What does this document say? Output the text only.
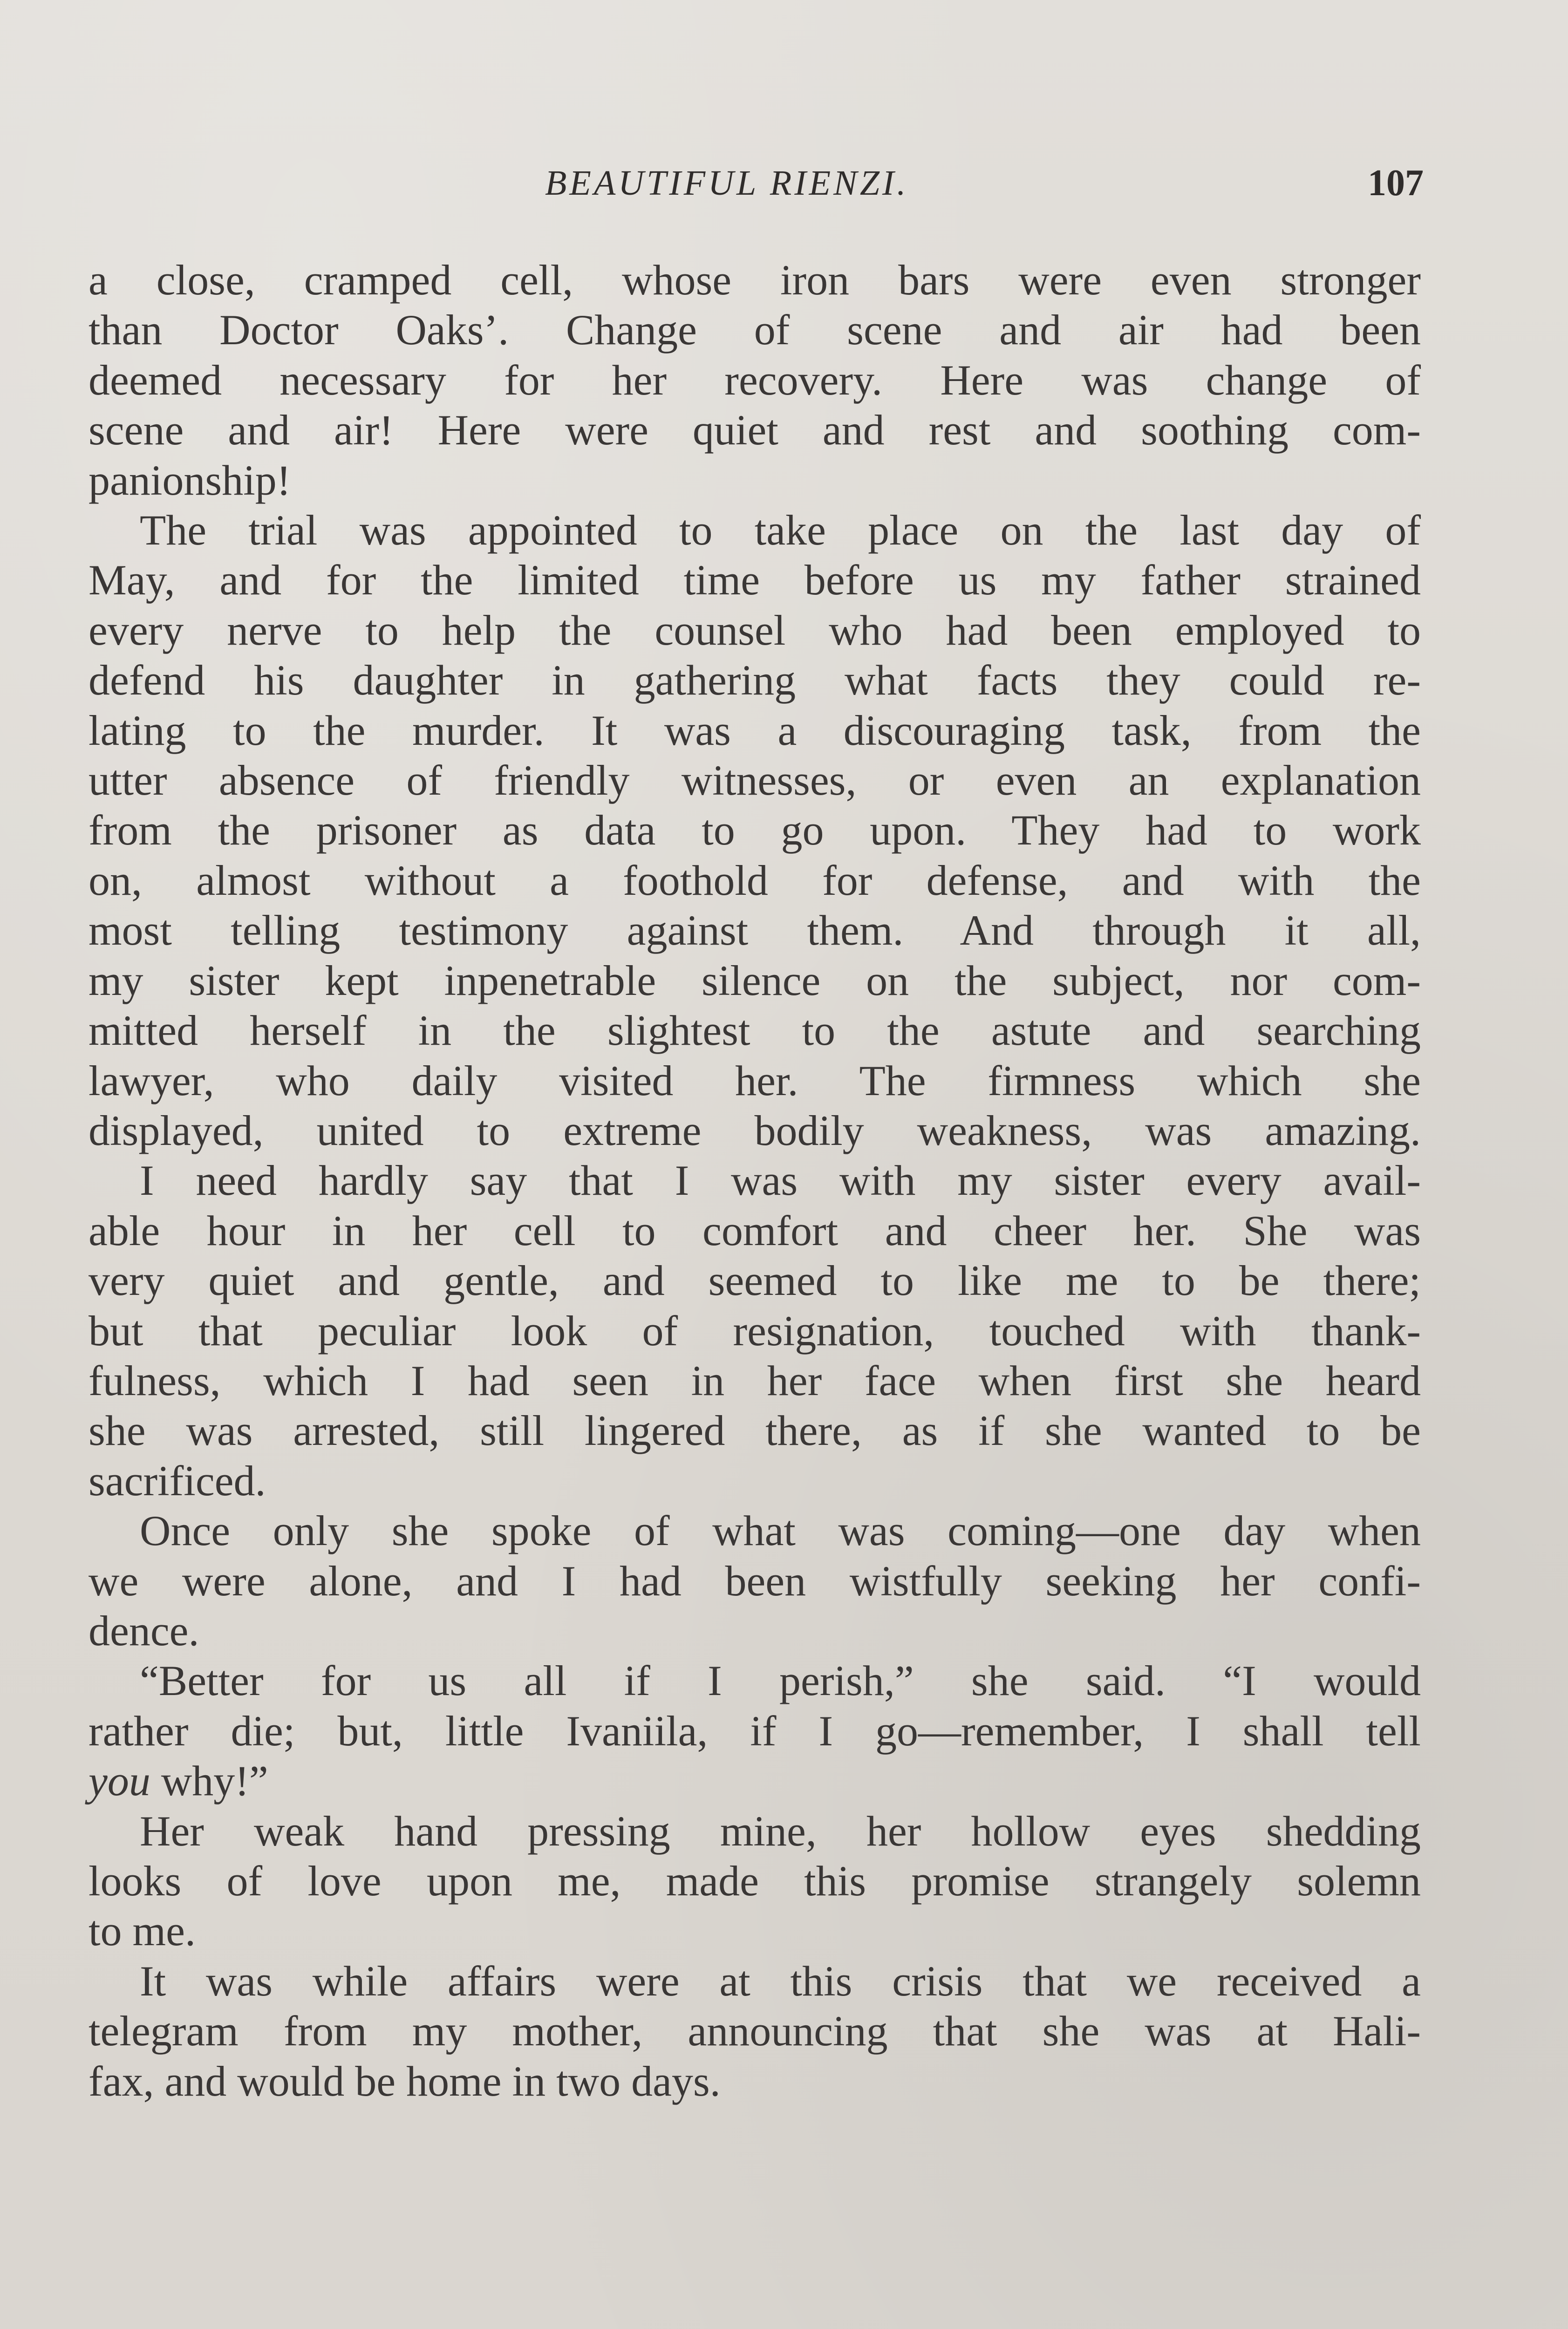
BEAUTIFUL RIENZI.	107

a close, cramped cell, whose iron bars were even stronger
than Doctor Oaks’. Change of scene and air had been
deemed necessary for her recovery. Here was change of
scene and air! Here were quiet and rest and soothing com-
panionship!

The trial was appointed to take place on the last day of
May, and for the limited time before us my father strained
every nerve to help the counsel who had been employed to
defend his daughter in gathering what facts they could re-
lating to the murder. It was a discouraging task, from the
utter absence of friendly witnesses, or even an explanation
from the prisoner as data to go upon. They had to work
on, almost without a foothold for defense, and with the
most telling testimony against them. And through it all,
my sister kept inpenetrable silence on the subject, nor com-
mitted herself in the slightest to the astute and searching
lawyer, who daily visited her. The firmness which she
displayed, united to extreme bodily weakness, was amazing.

I need hardly say that I was with my sister every avail-
able hour in her cell to comfort and cheer her. She was
very quiet and gentle, and seemed to like me to be there;
but that peculiar look of resignation, touched with thank-
fulness, which I had seen in her face when first she heard
she was arrested, still lingered there, as if she wanted to be
sacrificed.

Once only she spoke of what was coming—one day when
we were alone, and I had been wistfully seeking her confi-
dence.

“Better for us all if I perish,” she said. “I would
rather die; but, little Ivaniila, if I go—remember, I shall tell
you why!”

Her weak hand pressing mine, her hollow eyes shedding
looks of love upon me, made this promise strangely solemn
to me.

It was while affairs were at this crisis that we received a
telegram from my mother, announcing that she was at Hali-
fax, and would be home in two days.
